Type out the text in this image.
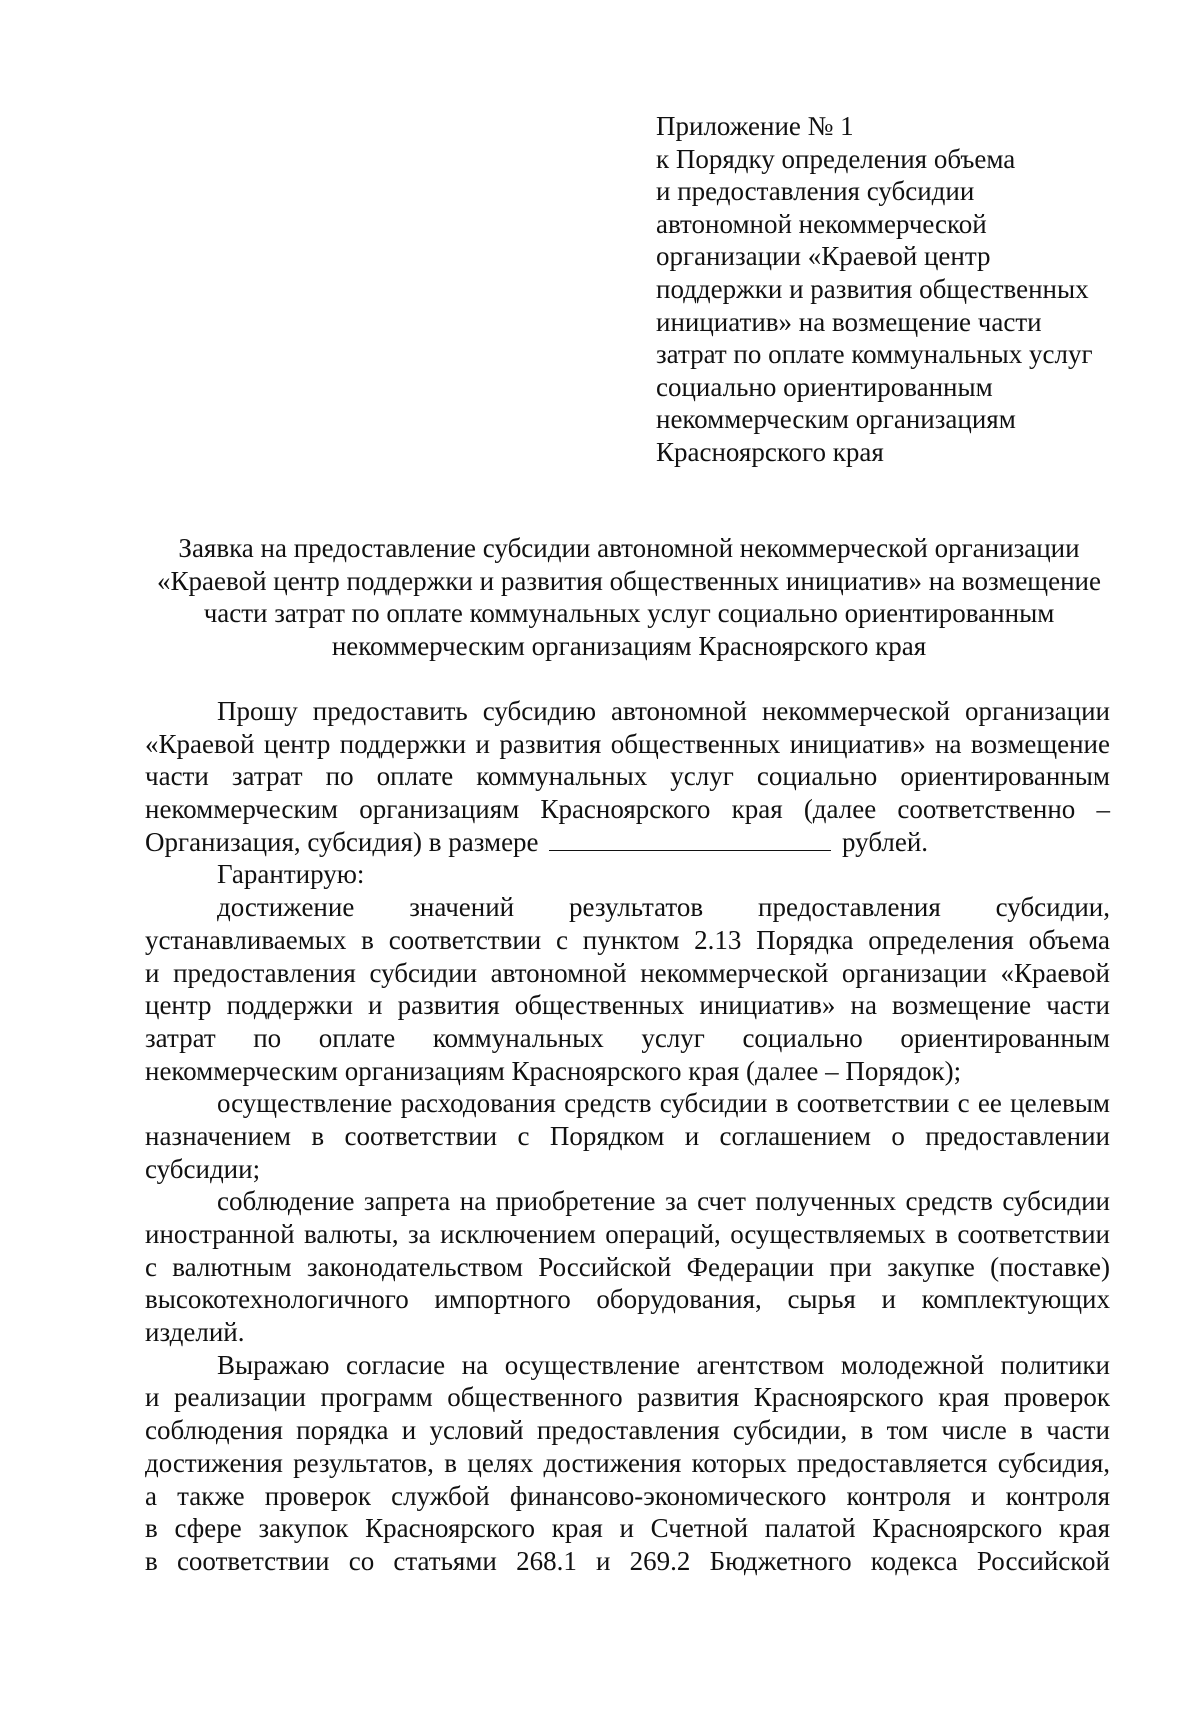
Приложение № 1
к Порядку определения объема
и предоставления субсидии
автономной некоммерческой
организации «Краевой центр
поддержки и развития общественных
инициатив» на возмещение части
затрат по оплате коммунальных услуг
социально ориентированным
некоммерческим организациям
Красноярского края
Заявка на предоставление субсидии автономной некоммерческой организации
«Краевой центр поддержки и развития общественных инициатив» на возмещение
части затрат по оплате коммунальных услуг социально ориентированным
некоммерческим организациям Красноярского края
Прошу предоставить субсидию автономной некоммерческой организации
«Краевой центр поддержки и развития общественных инициатив» на возмещение
части затрат по оплате коммунальных услуг социально ориентированным
некоммерческим организациям Красноярского края (далее соответственно –
Организация, субсидия) в размере	рублей.
Гарантирую:
достижение значений результатов предоставления субсидии,
устанавливаемых в соответствии с пунктом 2.13 Порядка определения объема
и предоставления субсидии автономной некоммерческой организации «Краевой
центр поддержки и развития общественных инициатив» на возмещение части
затрат по оплате коммунальных услуг социально ориентированным
некоммерческим организациям Красноярского края (далее – Порядок);
осуществление расходования средств субсидии в соответствии с ее целевым
назначением в соответствии с Порядком и соглашением о предоставлении
субсидии;
соблюдение запрета на приобретение за счет полученных средств субсидии
иностранной валюты, за исключением операций, осуществляемых в соответствии
с валютным законодательством Российской Федерации при закупке (поставке)
высокотехнологичного импортного оборудования, сырья и комплектующих
изделий.
Выражаю согласие на осуществление агентством молодежной политики
и реализации программ общественного развития Красноярского края проверок
соблюдения порядка и условий предоставления субсидии, в том числе в части
достижения результатов, в целях достижения которых предоставляется субсидия,
а также проверок службой финансово-экономического контроля и контроля
в сфере закупок Красноярского края и Счетной палатой Красноярского края
в соответствии со статьями 268.1 и 269.2 Бюджетного кодекса Российской
